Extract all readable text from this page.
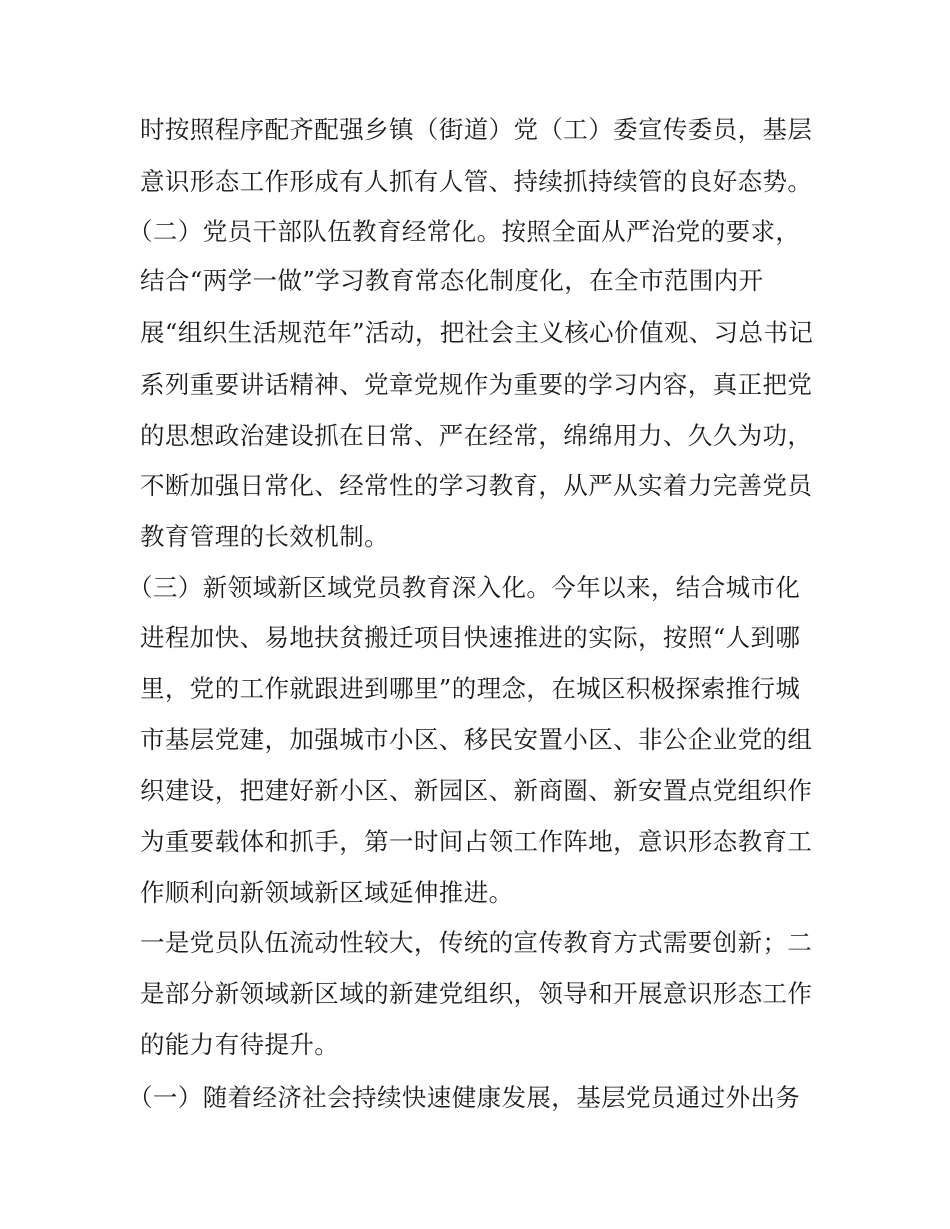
时按照程序配齐配强乡镇（街道）党（工）委宣传委员，基层
意识形态工作形成有人抓有人管、持续抓持续管的良好态势。
（二）党员干部队伍教育经常化。按照全面从严治党的要求，
结合“两学一做”学习教育常态化制度化，在全市范围内开
展“组织生活规范年”活动，把社会主义核心价值观、习总书记
系列重要讲话精神、党章党规作为重要的学习内容，真正把党
的思想政治建设抓在日常、严在经常，绵绵用力、久久为功，
不断加强日常化、经常性的学习教育，从严从实着力完善党员
教育管理的长效机制。
（三）新领域新区域党员教育深入化。今年以来，结合城市化
进程加快、易地扶贫搬迁项目快速推进的实际，按照“人到哪
里，党的工作就跟进到哪里”的理念，在城区积极探索推行城
市基层党建，加强城市小区、移民安置小区、非公企业党的组
织建设，把建好新小区、新园区、新商圈、新安置点党组织作
为重要载体和抓手，第一时间占领工作阵地，意识形态教育工
作顺利向新领域新区域延伸推进。
一是党员队伍流动性较大，传统的宣传教育方式需要创新；二
是部分新领域新区域的新建党组织，领导和开展意识形态工作
的能力有待提升。
（一）随着经济社会持续快速健康发展，基层党员通过外出务
